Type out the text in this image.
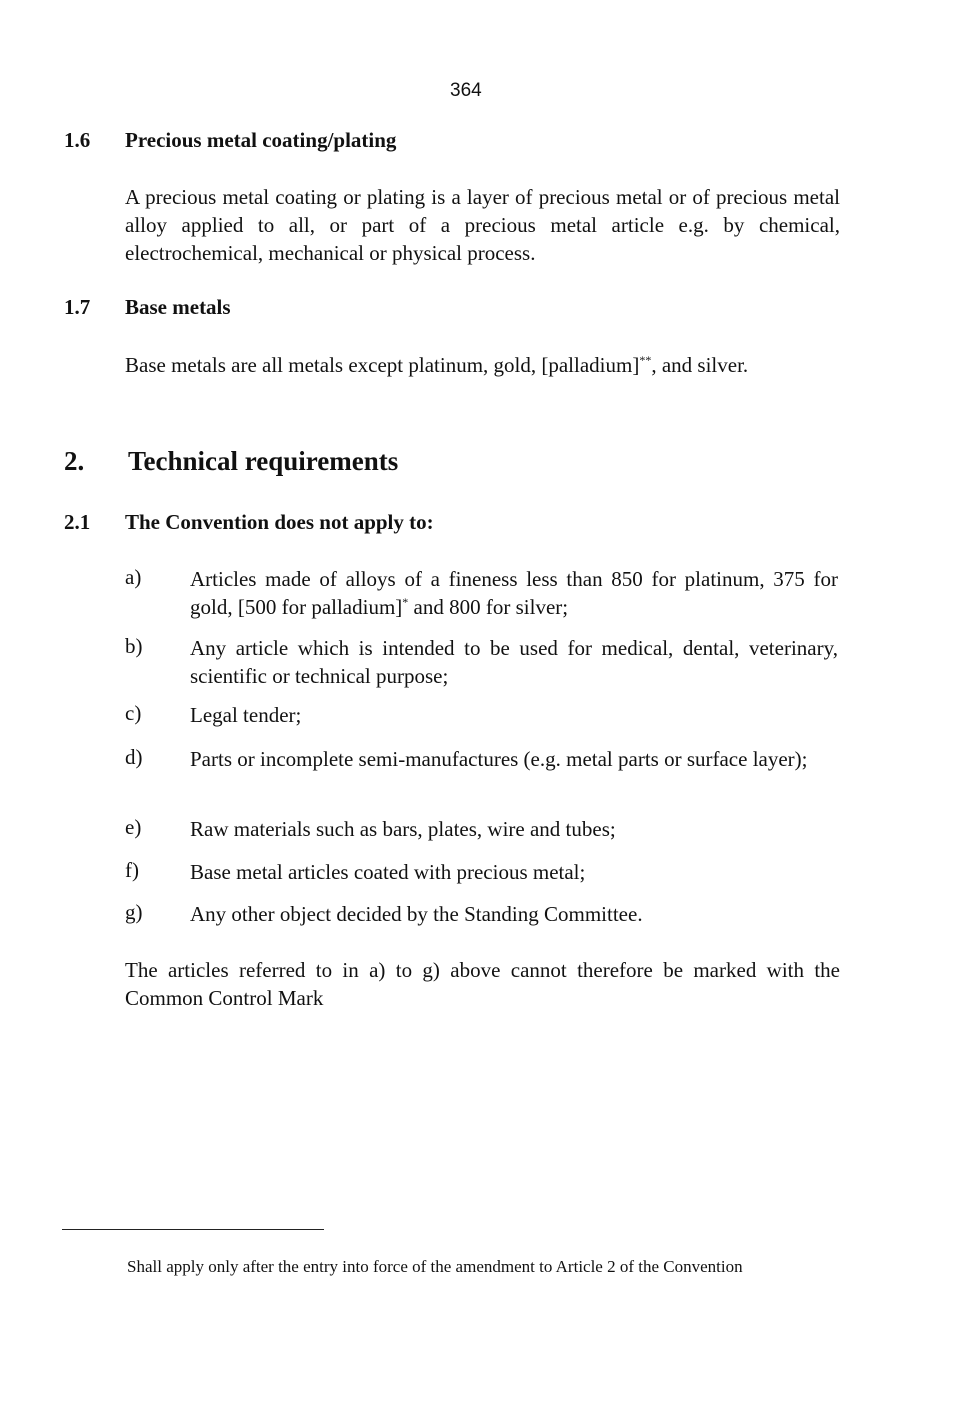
364
1.6 Precious metal coating/plating
A precious metal coating or plating is a layer of precious metal or of precious metal alloy applied to all, or part of a precious metal article e.g. by chemical, electrochemical, mechanical or physical process.
1.7 Base metals
Base metals are all metals except platinum, gold, [palladium]**, and silver.
2. Technical requirements
2.1 The Convention does not apply to:
a) Articles made of alloys of a fineness less than 850 for platinum, 375 for gold, [500 for palladium]* and 800 for silver;
b) Any article which is intended to be used for medical, dental, veterinary, scientific or technical purpose;
c) Legal tender;
d) Parts or incomplete semi-manufactures (e.g. metal parts or surface layer);
e) Raw materials such as bars, plates, wire and tubes;
f) Base metal articles coated with precious metal;
g) Any other object decided by the Standing Committee.
The articles referred to in a) to g) above cannot therefore be marked with the Common Control Mark
Shall apply only after the entry into force of the amendment to Article 2 of the Convention
